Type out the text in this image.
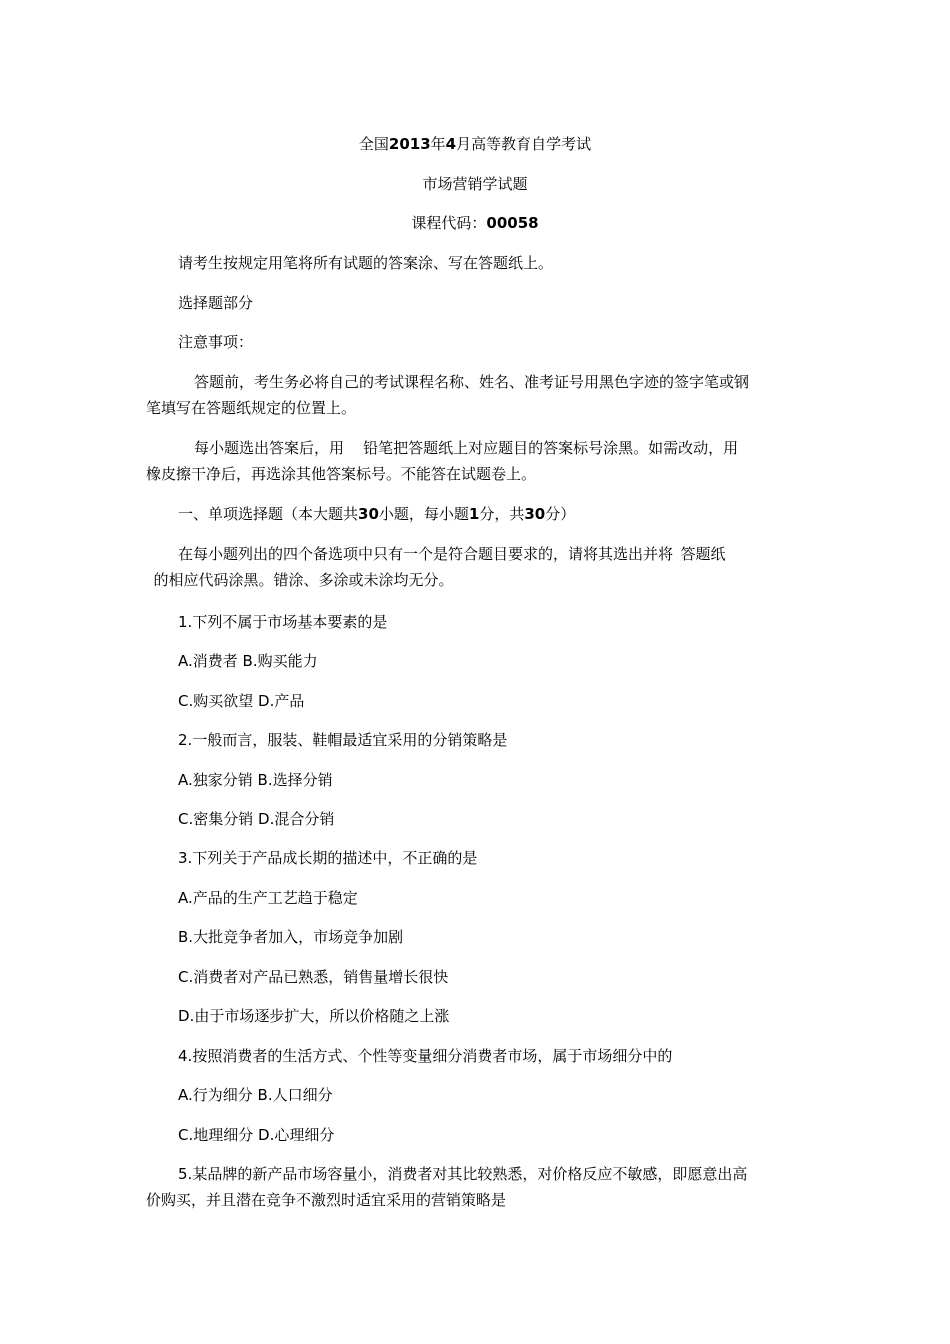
全国2013年4月高等教育自学考试
市场营销学试题
课程代码：00058
请考生按规定用笔将所有试题的答案涂、写在答题纸上。
选择题部分
注意事项：
答题前，考生务必将自己的考试课程名称、姓名、准考证号用黑色字迹的签字笔或钢
笔填写在答题纸规定的位置上。
每小题选出答案后，用    铅笔把答题纸上对应题目的答案标号涂黑。如需改动，用
橡皮擦干净后，再选涂其他答案标号。不能答在试题卷上。
一、单项选择题（本大题共30小题，每小题1分，共30分）
在每小题列出的四个备选项中只有一个是符合题目要求的，请将其选出并将 答题纸
的相应代码涂黑。错涂、多涂或未涂均无分。
1.下列不属于市场基本要素的是
A.消费者 B.购买能力
C.购买欲望 D.产品
2.一般而言，服装、鞋帽最适宜采用的分销策略是
A.独家分销 B.选择分销
C.密集分销 D.混合分销
3.下列关于产品成长期的描述中，不正确的是
A.产品的生产工艺趋于稳定
B.大批竞争者加入，市场竞争加剧
C.消费者对产品已熟悉，销售量增长很快
D.由于市场逐步扩大，所以价格随之上涨
4.按照消费者的生活方式、个性等变量细分消费者市场，属于市场细分中的
A.行为细分 B.人口细分
C.地理细分 D.心理细分
5.某品牌的新产品市场容量小，消费者对其比较熟悉，对价格反应不敏感，即愿意出高
价购买，并且潜在竞争不激烈时适宜采用的营销策略是
